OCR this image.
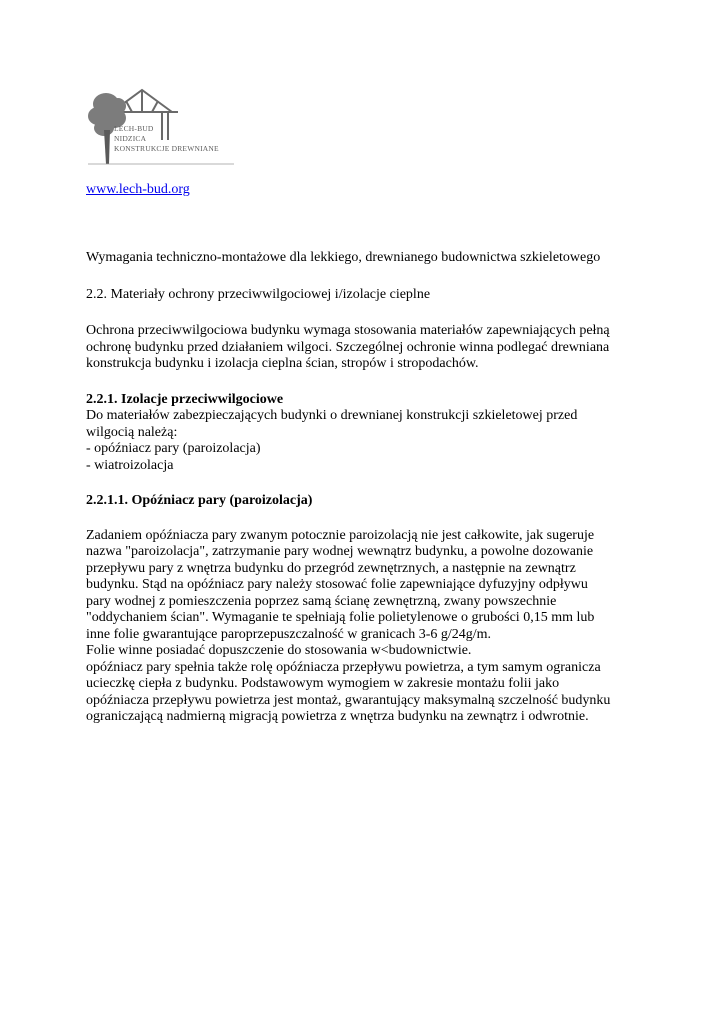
LECH-BUD
NIDZICA
KONSTRUKCJE DREWNIANE
www.lech-bud.org

Wymagania techniczno-montażowe dla lekkiego, drewnianego budownictwa szkieletowego

2.2. Materiały ochrony przeciwwilgociowej i/izolacje cieplne

Ochrona przeciwwilgociowa budynku wymaga stosowania materiałów zapewniających pełną

ochronę budynku przed działaniem wilgoci. Szczególnej ochronie winna podlegać drewniana

konstrukcja budynku i izolacja cieplna ścian, stropów i stropodachów.

2.2.1. Izolacje przeciwwilgociowe

Do materiałów zabezpieczających budynki o drewnianej konstrukcji szkieletowej przed

wilgocią należą:

- opóźniacz pary (paroizolacja)

- wiatroizolacja

2.2.1.1. Opóźniacz pary (paroizolacja)

Zadaniem opóźniacza pary zwanym potocznie paroizolacją nie jest całkowite, jak sugeruje

nazwa "paroizolacja", zatrzymanie pary wodnej wewnątrz budynku, a powolne dozowanie

przepływu pary z wnętrza budynku do przegród zewnętrznych, a następnie na zewnątrz

budynku. Stąd na opóźniacz pary należy stosować folie zapewniające dyfuzyjny odpływu

pary wodnej z pomieszczenia poprzez samą ścianę zewnętrzną, zwany powszechnie

"oddychaniem ścian". Wymaganie te spełniają folie polietylenowe o grubości 0,15 mm lub

inne folie gwarantujące paroprzepuszczalność w granicach 3-6 g/24g/m.

Folie winne posiadać dopuszczenie do stosowania w<budownictwie.

opóźniacz pary spełnia także rolę opóźniacza przepływu powietrza, a tym samym ogranicza

ucieczkę ciepła z budynku. Podstawowym wymogiem w zakresie montażu folii jako

opóźniacza przepływu powietrza jest montaż, gwarantujący maksymalną szczelność budynku

ograniczającą nadmierną migracją powietrza z wnętrza budynku na zewnątrz i odwrotnie.
